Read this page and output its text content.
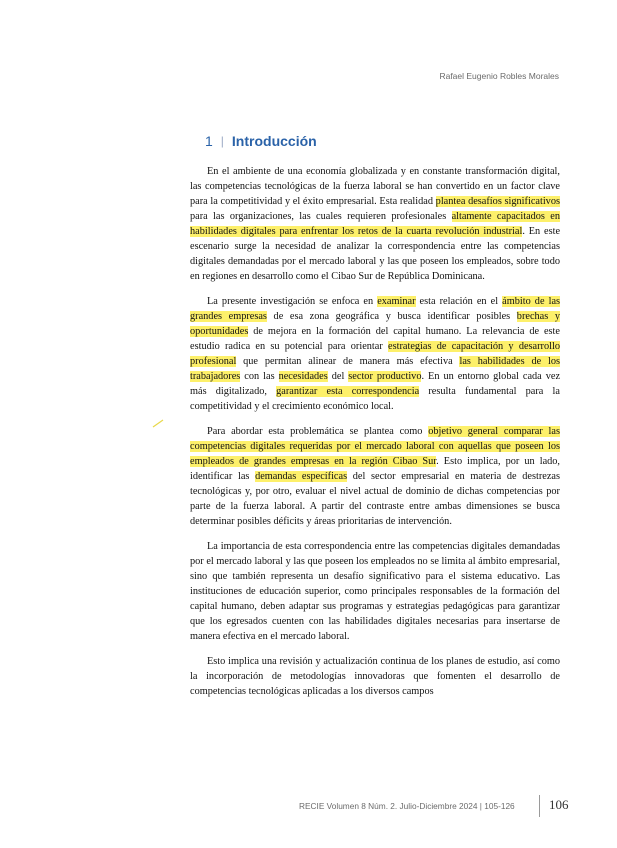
Rafael Eugenio Robles Morales
1 | Introducción

En el ambiente de una economía globalizada y en constante transformación digital, las competencias tecnológicas de la fuerza laboral se han convertido en un factor clave para la competitividad y el éxito empresarial. Esta realidad plantea desafíos significativos para las organizaciones, las cuales requieren profesionales altamente capacitados en habilidades digitales para enfrentar los retos de la cuarta revolución industrial. En este escenario surge la necesidad de analizar la correspondencia entre las competencias digitales demandadas por el mercado laboral y las que poseen los empleados, sobre todo en regiones en desarrollo como el Cibao Sur de República Dominicana.

La presente investigación se enfoca en examinar esta relación en el ámbito de las grandes empresas de esa zona geográfica y busca identificar posibles brechas y oportunidades de mejora en la formación del capital humano. La relevancia de este estudio radica en su potencial para orientar estrategias de capacitación y desarrollo profesional que permitan alinear de manera más efectiva las habilidades de los trabajadores con las necesidades del sector productivo. En un entorno global cada vez más digitalizado, garantizar esta correspondencia resulta fundamental para la competitividad y el crecimiento económico local.

Para abordar esta problemática se plantea como objetivo general comparar las competencias digitales requeridas por el mercado laboral con aquellas que poseen los empleados de grandes empresas en la región Cibao Sur. Esto implica, por un lado, identificar las demandas específicas del sector empresarial en materia de destrezas tecnológicas y, por otro, evaluar el nivel actual de dominio de dichas competencias por parte de la fuerza laboral. A partir del contraste entre ambas dimensiones se busca determinar posibles déficits y áreas prioritarias de intervención.

La importancia de esta correspondencia entre las competencias digitales demandadas por el mercado laboral y las que poseen los empleados no se limita al ámbito empresarial, sino que también representa un desafío significativo para el sistema educativo. Las instituciones de educación superior, como principales responsables de la formación del capital humano, deben adaptar sus programas y estrategias pedagógicas para garantizar que los egresados cuenten con las habilidades digitales necesarias para insertarse de manera efectiva en el mercado laboral.

Esto implica una revisión y actualización continua de los planes de estudio, así como la incorporación de metodologías innovadoras que fomenten el desarrollo de competencias tecnológicas aplicadas a los diversos campos

RECIE Volumen 8 Núm. 2. Julio-Diciembre 2024 | 105-126	106
